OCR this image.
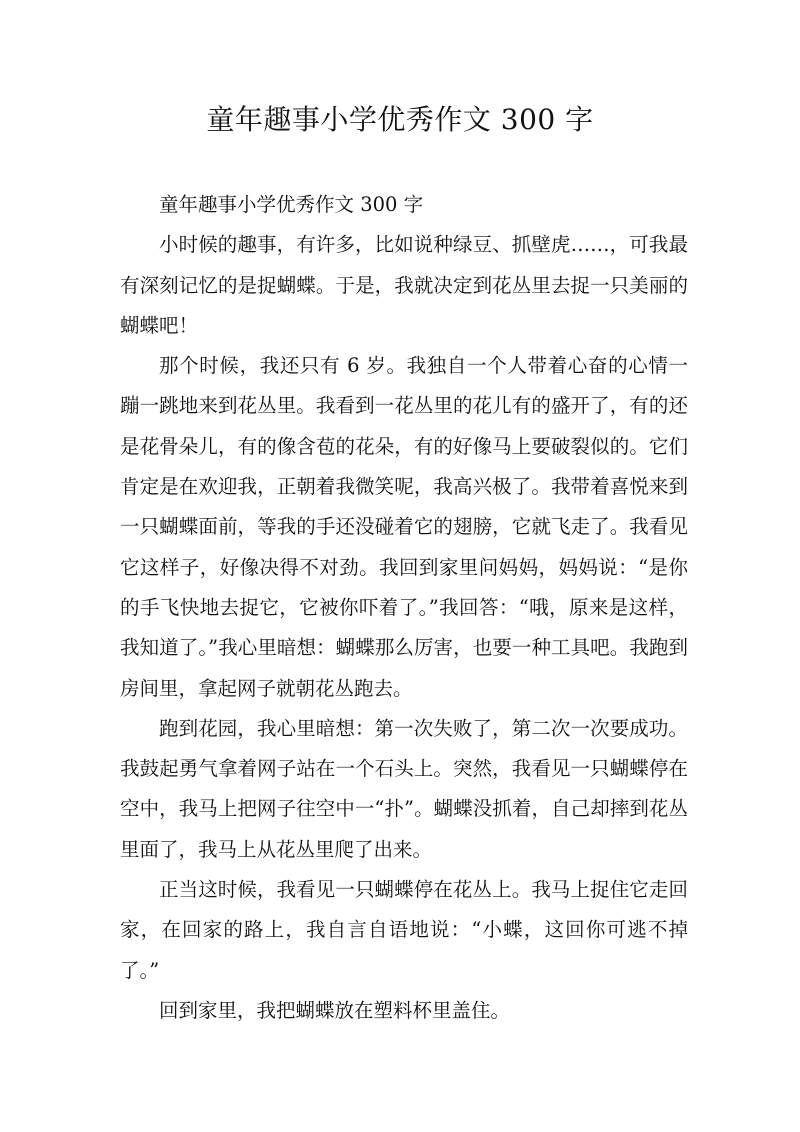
童年趣事小学优秀作文 300 字

童年趣事小学优秀作文 300 字

小时候的趣事，有许多，比如说种绿豆、抓壁虎……，可我最有深刻记忆的是捉蝴蝶。于是，我就决定到花丛里去捉一只美丽的蝴蝶吧！

那个时候，我还只有 6 岁。我独自一个人带着心奋的心情一蹦一跳地来到花丛里。我看到一花丛里的花儿有的盛开了，有的还是花骨朵儿，有的像含苞的花朵，有的好像马上要破裂似的。它们肯定是在欢迎我，正朝着我微笑呢，我高兴极了。我带着喜悦来到一只蝴蝶面前，等我的手还没碰着它的翅膀，它就飞走了。我看见它这样子，好像决得不对劲。我回到家里问妈妈，妈妈说：“是你的手飞快地去捉它，它被你吓着了。”我回答：“哦，原来是这样，我知道了。”我心里暗想：蝴蝶那么厉害，也要一种工具吧。我跑到房间里，拿起网子就朝花丛跑去。

跑到花园，我心里暗想：第一次失败了，第二次一次要成功。我鼓起勇气拿着网子站在一个石头上。突然，我看见一只蝴蝶停在空中，我马上把网子往空中一“扑”。蝴蝶没抓着，自己却摔到花丛里面了，我马上从花丛里爬了出来。

正当这时候，我看见一只蝴蝶停在花丛上。我马上捉住它走回家，在回家的路上，我自言自语地说：“小蝶，这回你可逃不掉了。”

回到家里，我把蝴蝶放在塑料杯里盖住。
